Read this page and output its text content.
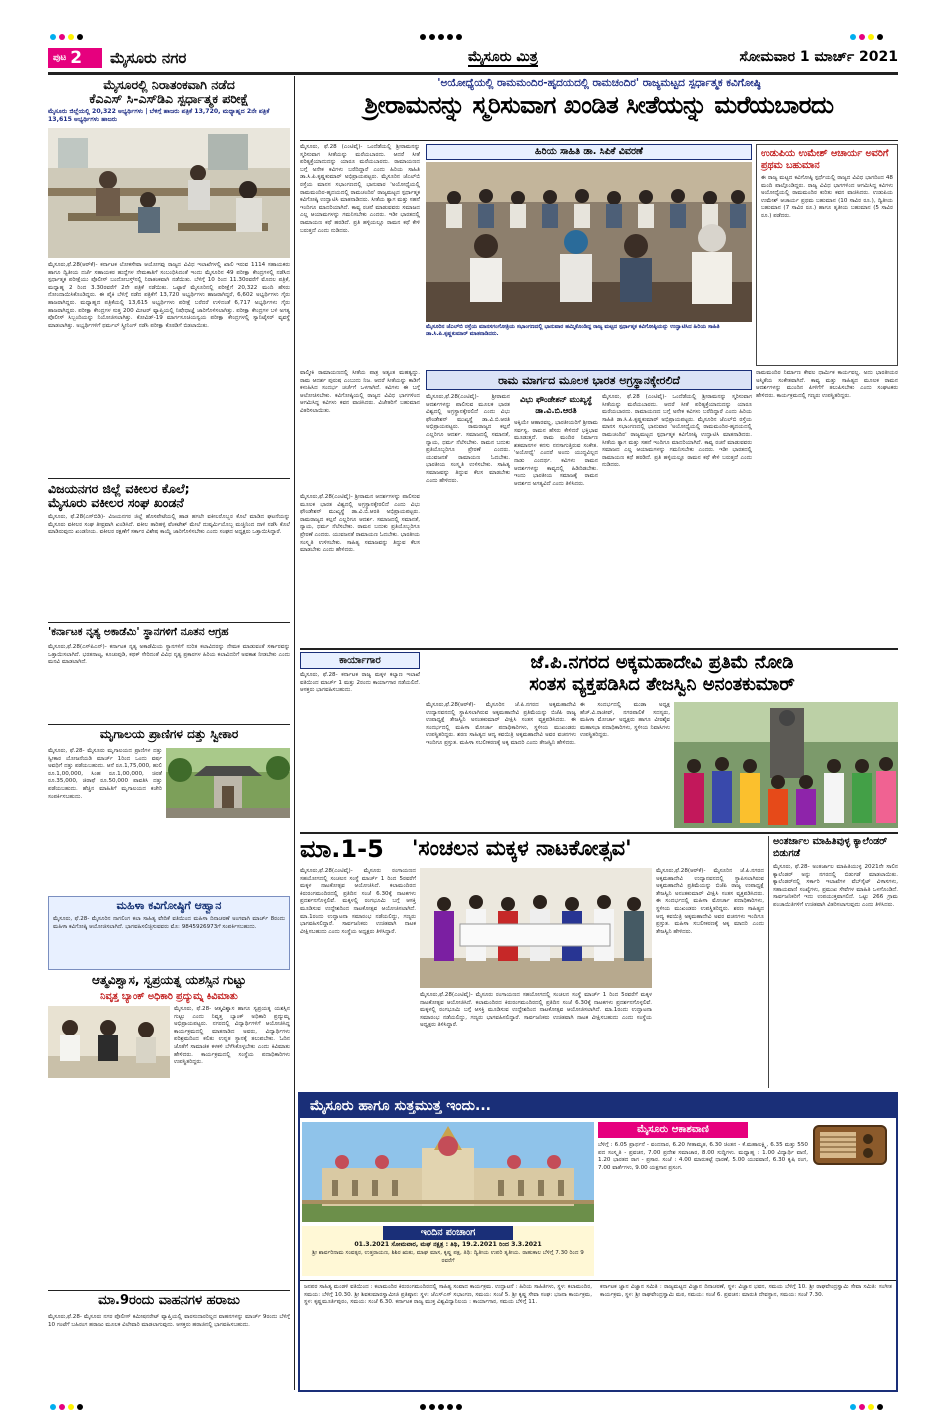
ಪುಟ 2 ಮೈಸೂರು ನಗರ	ಮೈಸೂರು ಮಿತ್ರ	ಸೋಮವಾರ 1 ಮಾರ್ಚ್ 2021
ಮೈಸೂರಲ್ಲಿ ನಿರಾತಂಕವಾಗಿ ನಡೆದ
ಕೆಎಎಸ್ ಸಿ-ಎಸ್‌ಡಿಎ ಸ್ಪರ್ಧಾತ್ಮಕ ಪರೀಕ್ಷೆ
ಮೈಸೂರು ಜಿಲ್ಲೆಯಲ್ಲಿ 20,322 ಅಭ್ಯರ್ಥಿಗಳು | ಬೆಳಿಗ್ಗೆ ಹಾಜರು ಪತ್ರಿಕೆ 13,720, ಮಧ್ಯಾಹ್ನದ 2ನೇ ಪತ್ರಿಕೆ 13,615 ಅಭ್ಯರ್ಥಿಗಳು ಹಾಜರು
ಮೈಸೂರು,ಫೆ.28(ಆರ್‌ಕೆ)- ಕರ್ನಾಟಕ ಲೋಕಸೇವಾ ಆಯೋಗವು ರಾಜ್ಯದ ವಿವಿಧ ಇಲಾಖೆಗಳಲ್ಲಿ ಖಾಲಿ ಇರುವ 1114 ಸಹಾಯಕರು ಹಾಗೂ ದ್ವಿತೀಯ ದರ್ಜೆ ಸಹಾಯಕರ ಹುದ್ದೆಗಳ ನೇಮಕಾತಿಗೆ ಸಂಬಂಧಿಸಿದಂತೆ ಇಂದು ಮೈಸೂರಿನ 49 ಪರೀಕ್ಷಾ ಕೇಂದ್ರಗಳಲ್ಲಿ ನಡೆಸಿದ ಸ್ಪರ್ಧಾತ್ಮಕ ಪರೀಕ್ಷೆಯು ಪೊಲೀಸ್ ಬಂದೋಬಸ್ತ್‌ನಲ್ಲಿ ನಿರಾತಂಕವಾಗಿ ನಡೆಯಿತು. ಬೆಳಿಗ್ಗೆ 10 ರಿಂದ 11.30ರವರೆಗೆ ಮೊದಲ ಪತ್ರಿಕೆ, ಮಧ್ಯಾಹ್ನ 2 ರಿಂದ 3.30ರವರೆಗೆ 2ನೇ ಪತ್ರಿಕೆ ನಡೆಯಿತು. ಒಟ್ಟಾರೆ ಮೈಸೂರಿನಲ್ಲಿ ಪರೀಕ್ಷೆಗೆ 20,322 ಮಂದಿ ಹೆಸರು ನೋಂದಾಯಿಸಿಕೊಂಡಿದ್ದರು. ಈ ಪೈಕಿ ಬೆಳಿಗ್ಗೆ ನಡೆದ ಪತ್ರಿಕೆಗೆ 13,720 ಅಭ್ಯರ್ಥಿಗಳು ಹಾಜರಾಗಿದ್ದರೆ, 6,602 ಅಭ್ಯರ್ಥಿಗಳು ಗೈರು ಹಾಜರಾಗಿದ್ದರು. ಮಧ್ಯಾಹ್ನದ ಪತ್ರಿಕೆಯಲ್ಲಿ 13,615 ಅಭ್ಯರ್ಥಿಗಳು ಪರೀಕ್ಷೆ ಬರೆದರೆ ಉಳಿದಂತೆ 6,717 ಅಭ್ಯರ್ಥಿಗಳು ಗೈರು ಹಾಜರಾಗಿದ್ದರು. ಪರೀಕ್ಷಾ ಕೇಂದ್ರಗಳ ಸುತ್ತ 200 ಮೀಟರ್ ವ್ಯಾಪ್ತಿಯಲ್ಲಿ ನಿಷೇಧಾಜ್ಞೆ ಜಾರಿಗೊಳಿಸಲಾಗಿತ್ತು. ಪರೀಕ್ಷಾ ಕೇಂದ್ರಗಳ ಬಳಿ ಅಗತ್ಯ ಪೊಲೀಸ್ ಸಿಬ್ಬಂದಿಯನ್ನು ನಿಯೋಜಿಸಲಾಗಿತ್ತು. ಕೋವಿಡ್-19 ಮಾರ್ಗಸೂಚಿಯನ್ವಯ ಪರೀಕ್ಷಾ ಕೇಂದ್ರಗಳಲ್ಲಿ ಸ್ಯಾನಿಟೈಸರ್ ವ್ಯವಸ್ಥೆ ಮಾಡಲಾಗಿತ್ತು. ಅಭ್ಯರ್ಥಿಗಳಿಗೆ ಥರ್ಮಲ್ ಸ್ಕ್ರೀನಿಂಗ್ ನಡೆಸಿ ಪರೀಕ್ಷಾ ಕೊಠಡಿಗೆ ಬಿಡಲಾಯಿತು.
ವಿಜಯನಗರ ಜಿಲ್ಲೆ ವಕೀಲರ ಕೊಲೆ;
ಮೈಸೂರು ವಕೀಲರ ಸಂಘ ಖಂಡನೆ
ಮೈಸೂರು, ಫೆ.28(ಎಸ್‌ಬಿಡಿ)- ವಿಜಯನಗರ ಜಿಲ್ಲೆ ಹೊಸಪೇಟೆಯಲ್ಲಿ ಹಾಡ ಹಗಲೇ ವಕೀಲರೊಬ್ಬರ ಕೊಲೆ ಮಾಡಿದ ಘಟನೆಯನ್ನು ಮೈಸೂರು ವಕೀಲರ ಸಂಘ ತೀವ್ರವಾಗಿ ಖಂಡಿಸಿದೆ. ವಕೀಲ ತಾರಿಹಳ್ಳಿ ವೆಂಕಟೇಶ್ ಮೇಲೆ ದುಷ್ಕರ್ಮಿಯೊಬ್ಬ ಮಚ್ಚಿನಿಂದ ದಾಳಿ ನಡೆಸಿ ಕೊಲೆ ಮಾಡಿರುವುದು ಖಂಡನೀಯ. ವಕೀಲರ ರಕ್ಷಣೆಗೆ ಸರ್ಕಾರ ವಿಶೇಷ ಕಾಯ್ದೆ ಜಾರಿಗೊಳಿಸಬೇಕು ಎಂದು ಸಂಘದ ಅಧ್ಯಕ್ಷರು ಒತ್ತಾಯಿಸಿದ್ದಾರೆ.
'ಕರ್ನಾಟಕ ನೃತ್ಯ ಅಕಾಡೆಮಿ' ಸ್ಥಾನಗಳಿಗೆ ನೂತನ ಆಗ್ರಹ
ಮೈಸೂರು,ಫೆ.28(ಎಸ್‌ಪಿಎನ್)- ಕರ್ನಾಟಕ ನೃತ್ಯ ಅಕಾಡೆಮಿಯ ಸ್ಥಾನಗಳಿಗೆ ನುರಿತ ಕಲಾವಿದರನ್ನು ನೇಮಕ ಮಾಡುವಂತೆ ಸರ್ಕಾರವನ್ನು ಒತ್ತಾಯಿಸಲಾಗಿದೆ. ಭರತನಾಟ್ಯ, ಕೂಚುಪುಡಿ, ಕಥಕ್ ಸೇರಿದಂತೆ ವಿವಿಧ ನೃತ್ಯ ಪ್ರಕಾರಗಳ ಹಿರಿಯ ಕಲಾವಿದರಿಗೆ ಅವಕಾಶ ನೀಡಬೇಕು ಎಂದು ಮನವಿ ಮಾಡಲಾಗಿದೆ.
ಮೃಗಾಲಯ ಪ್ರಾಣಿಗಳ ದತ್ತು ಸ್ವೀಕಾರ
ಮೈಸೂರು, ಫೆ.28- ಮೈಸೂರು ಮೃಗಾಲಯದ ಪ್ರಾಣಿಗಳ ದತ್ತು ಸ್ವೀಕಾರ ಯೋಜನೆಯಡಿ ಮಾರ್ಚ್ 1ರಿಂದ ಒಂದು ವರ್ಷ ಅವಧಿಗೆ ದತ್ತು ಪಡೆಯಬಹುದು. ಆನೆ ರೂ.1,75,000, ಹುಲಿ ರೂ.1,00,000, ಸಿಂಹ ರೂ.1,00,000, ಚಿರತೆ ರೂ.35,000, ಜಿರಾಫೆ ರೂ.50,000 ಪಾವತಿಸಿ ದತ್ತು ಪಡೆಯಬಹುದು. ಹೆಚ್ಚಿನ ಮಾಹಿತಿಗೆ ಮೃಗಾಲಯದ ಕಚೇರಿ ಸಂಪರ್ಕಿಸಬಹುದು.
ಮಹಿಳಾ ಕವಿಗೋಷ್ಠಿಗೆ ಆಹ್ವಾನ
ಮೈಸೂರು, ಫೆ.28- ಮೈಸೂರಿನ ನಾಗಲಿಂಗ ಕಲಾ ಸಾಹಿತ್ಯ ವೇದಿಕೆ ವತಿಯಿಂದ ಮಹಿಳಾ ದಿನಾಚರಣೆ ಅಂಗವಾಗಿ ಮಾರ್ಚ್ 8ರಂದು ಮಹಿಳಾ ಕವಿಗೋಷ್ಠಿ ಆಯೋಜಿಸಲಾಗಿದೆ. ಭಾಗವಹಿಸಲಿಚ್ಛಿಸುವವರು ಮೊ: 9845926973ಗೆ ಸಂಪರ್ಕಿಸಬಹುದು.
ಆತ್ಮವಿಶ್ವಾಸ, ಸ್ವಪ್ರಯತ್ನ ಯಶಸ್ಸಿನ ಗುಟ್ಟು
ನಿವೃತ್ತ ಬ್ಯಾಂಕ್ ಅಧಿಕಾರಿ ಪ್ರದ್ಯುಮ್ನ ಕಿವಿಮಾತು
ಮೈಸೂರು, ಫೆ.28- ಆತ್ಮವಿಶ್ವಾಸ ಹಾಗೂ ಸ್ವಪ್ರಯತ್ನ ಯಶಸ್ಸಿನ ಗುಟ್ಟು ಎಂದು ನಿವೃತ್ತ ಬ್ಯಾಂಕ್ ಅಧಿಕಾರಿ ಪ್ರದ್ಯುಮ್ನ ಅಭಿಪ್ರಾಯಪಟ್ಟರು. ನಗರದಲ್ಲಿ ವಿದ್ಯಾರ್ಥಿಗಳಿಗೆ ಆಯೋಜಿಸಿದ್ದ ಕಾರ್ಯಕ್ರಮದಲ್ಲಿ ಮಾತನಾಡಿದ ಅವರು, ವಿದ್ಯಾರ್ಥಿಗಳು ಪರಿಶ್ರಮದಿಂದ ಕಲಿತು ಉನ್ನತ ಸ್ಥಾನಕ್ಕೆ ತಲುಪಬೇಕು. ಓದಿನ ಜೊತೆಗೆ ಸಾಮಾಜಿಕ ಕಳಕಳಿ ಬೆಳೆಸಿಕೊಳ್ಳಬೇಕು ಎಂದು ಕಿವಿಮಾತು ಹೇಳಿದರು. ಕಾರ್ಯಕ್ರಮದಲ್ಲಿ ಸಂಸ್ಥೆಯ ಪದಾಧಿಕಾರಿಗಳು ಉಪಸ್ಥಿತರಿದ್ದರು.
ಮಾ.9ರಂದು ವಾಹನಗಳ ಹರಾಜು
ಮೈಸೂರು,ಫೆ.28- ಮೈಸೂರು ನಗರ ಪೊಲೀಸ್ ಕಮೀಷನರೇಟ್ ವ್ಯಾಪ್ತಿಯಲ್ಲಿ ವಾರಸುದಾರರಿಲ್ಲದ ವಾಹನಗಳನ್ನು ಮಾರ್ಚ್ 9ರಂದು ಬೆಳಿಗ್ಗೆ 10 ಗಂಟೆಗೆ ಬಹಿರಂಗ ಹರಾಜು ಮೂಲಕ ವಿಲೇವಾರಿ ಮಾಡಲಾಗುವುದು. ಆಸಕ್ತರು ಹರಾಜಿನಲ್ಲಿ ಭಾಗವಹಿಸಬಹುದು.
'ಅಯೋಧ್ಯೆಯಲ್ಲಿ ರಾಮಮಂದಿರ-ಹೃದಯದಲ್ಲಿ ರಾಮಚಂದಿರ' ರಾಜ್ಯಮಟ್ಟದ ಸ್ಪರ್ಧಾತ್ಮಕ ಕವಿಗೋಷ್ಠಿ
ಶ್ರೀರಾಮನನ್ನು ಸ್ಮರಿಸುವಾಗ ಖಂಡಿತ ಸೀತೆಯನ್ನು ಮರೆಯಬಾರದು
ಮೈಸೂರು, ಫೆ.28 (ಎಂಟಿವೈ)- ಒಂದೆಡೆಯಲ್ಲಿ ಶ್ರೀರಾಮನನ್ನು ಸ್ಮರಿಸುವಾಗ ಸೀತೆಯನ್ನು ಮರೆಯಬಾರದು. ಆದರೆ ಸೀತೆ ಪರಿತ್ಯಕ್ತೆಯಾದುದನ್ನು ಯಾರೂ ಮರೆಯಬಾರದು. ರಾಮಾಯಣದ ಬಗ್ಗೆ ಅನೇಕ ಕವಿಗಳು ಬರೆದಿದ್ದಾರೆ ಎಂದು ಹಿರಿಯ ಸಾಹಿತಿ ಡಾ.ಸಿ.ಪಿ.ಕೃಷ್ಣಕುಮಾರ್ ಅಭಿಪ್ರಾಯಪಟ್ಟರು. ಮೈಸೂರಿನ ಜೆಎಲ್‌ಬಿ ರಸ್ತೆಯ ಮಾನಸ ಸಭಾಂಗಣದಲ್ಲಿ ಭಾನುವಾರ 'ಅಯೋಧ್ಯೆಯಲ್ಲಿ ರಾಮಮಂದಿರ-ಹೃದಯದಲ್ಲಿ ರಾಮಚಂದಿರ' ರಾಜ್ಯಮಟ್ಟದ ಸ್ಪರ್ಧಾತ್ಮಕ ಕವಿಗೋಷ್ಠಿ ಉದ್ಘಾಟಿಸಿ ಮಾತನಾಡಿದರು. ಸೀತೆಯ ತ್ಯಾಗ ಮತ್ತು ಸಹನೆ ಇಂದಿಗೂ ಮಾದರಿಯಾಗಿದೆ. ಕಾವ್ಯ ರಚನೆ ಮಾಡುವವರು ಸಮಾಜದ ಎಲ್ಲ ಆಯಾಮಗಳನ್ನು ಗಮನಿಸಬೇಕು ಎಂದರು. ಇಡೀ ಭಾರತದಲ್ಲಿ ರಾಮಾಯಣ ಕಥೆ ಹರಡಿದೆ. ಪ್ರತಿ ಹಳ್ಳಿಯಲ್ಲೂ ರಾಮನ ಕಥೆ ಕೇಳಿ ಬರುತ್ತದೆ ಎಂದು ನುಡಿದರು.
ಹಿರಿಯ ಸಾಹಿತಿ ಡಾ. ಸಿಪಿಕೆ ವಿವರಣೆ
ಮೈಸೂರಿನ ಜೆಎಲ್‌ಬಿ ರಸ್ತೆಯ ಮಾನಸಗಂಗೋತ್ರಿಯ ಸಭಾಂಗಣದಲ್ಲಿ ಭಾನುವಾರ ಹಮ್ಮಿಕೊಂಡಿದ್ದ ರಾಜ್ಯ ಮಟ್ಟದ ಸ್ಪರ್ಧಾತ್ಮಕ ಕವಿಗೋಷ್ಠಿಯನ್ನು ಉದ್ಘಾಟಿಸಿದ ಹಿರಿಯ ಸಾಹಿತಿ ಡಾ.ಸಿ.ಪಿ.ಕೃಷ್ಣಕುಮಾರ್ ಮಾತನಾಡಿದರು.
ಉಡುಪಿಯ ಉಮೇಶ್ ಆಚಾರ್ಯ ಅವರಿಗೆ ಪ್ರಥಮ ಬಹುಮಾನ
ಈ ರಾಜ್ಯ ಮಟ್ಟದ ಕವಿಗೋಷ್ಠಿ ಸ್ಪರ್ಧೆಯಲ್ಲಿ ರಾಜ್ಯದ ವಿವಿಧ ಭಾಗದಿಂದ 48 ಮಂದಿ ಪಾಲ್ಗೊಂಡಿದ್ದರು. ರಾಜ್ಯ ವಿವಿಧ ಭಾಗಗಳಿಂದ ಆಗಮಿಸಿದ್ದ ಕವಿಗಳು ಅಯೋಧ್ಯೆಯಲ್ಲಿ ರಾಮಮಂದಿರ ಕುರಿತು ಕವನ ವಾಚಿಸಿದರು. ಉಡುಪಿಯ ಉಮೇಶ್ ಆಚಾರ್ಯ ಪ್ರಥಮ ಬಹುಮಾನ (10 ಸಾವಿರ ರೂ.), ದ್ವಿತೀಯ ಬಹುಮಾನ (7 ಸಾವಿರ ರೂ.) ಹಾಗೂ ತೃತೀಯ ಬಹುಮಾನ (5 ಸಾವಿರ ರೂ.) ಪಡೆದರು.
ವಾಲ್ಮೀಕಿ ರಾಮಾಯಣದಲ್ಲಿ ಸೀತೆಯ ಪಾತ್ರ ಅತ್ಯಂತ ಮಹತ್ವದ್ದು. ರಾಮ ಆದರ್ಶ ಪುರುಷ ಎಂಬುದು ನಿಜ. ಆದರೆ ಸೀತೆಯನ್ನು ಕಾಡಿಗೆ ಕಳುಹಿಸಿದ ಸಂದರ್ಭ ಚರ್ಚೆಗೆ ಒಳಗಾಗಿದೆ. ಕವಿಗಳು ಈ ಬಗ್ಗೆ ಆಲೋಚಿಸಬೇಕು. ಕವಿಗೋಷ್ಠಿಯಲ್ಲಿ ರಾಜ್ಯದ ವಿವಿಧ ಭಾಗಗಳಿಂದ ಆಗಮಿಸಿದ್ದ ಕವಿಗಳು ಕವನ ವಾಚಿಸಿದರು. ವಿಜೇತರಿಗೆ ಬಹುಮಾನ ವಿತರಿಸಲಾಯಿತು.
ರಾಮ ಮಾರ್ಗದ ಮೂಲಕ ಭಾರತ ಅಗ್ರಸ್ಥಾನಕ್ಕೇರಲಿದೆ
ಮೈಸೂರು,ಫೆ.28(ಎಂಟಿವೈ)- ಶ್ರೀರಾಮನ ಆದರ್ಶಗಳನ್ನು ಪಾಲಿಸುವ ಮೂಲಕ ಭಾರತ ವಿಶ್ವದಲ್ಲಿ ಅಗ್ರಸ್ಥಾನಕ್ಕೇರಲಿದೆ ಎಂದು ವಿಭು ಫೌಂಡೇಶನ್ ಮುಖ್ಯಸ್ಥೆ ಡಾ.ವಿ.ಬಿ.ಆರತಿ ಅಭಿಪ್ರಾಯಪಟ್ಟರು. ರಾಮರಾಜ್ಯದ ಕಲ್ಪನೆ ಎಲ್ಲರಿಗೂ ಆದರ್ಶ. ಸಮಾಜದಲ್ಲಿ ಸಮಾನತೆ, ನ್ಯಾಯ, ಧರ್ಮ ನೆಲೆಸಬೇಕು. ರಾಮನ ಬದುಕು ಪ್ರತಿಯೊಬ್ಬರಿಗೂ ಪ್ರೇರಣೆ ಎಂದರು. ಯುವಜನತೆ ರಾಮಾಯಣ ಓದಬೇಕು. ಭಾರತೀಯ ಸಂಸ್ಕೃತಿ ಉಳಿಸಬೇಕು. ಸಾಹಿತ್ಯ ಸಮಾಜವನ್ನು ತಿದ್ದುವ ಕೆಲಸ ಮಾಡಬೇಕು ಎಂದು ಹೇಳಿದರು.
ವಿಭು ಫೌಂಡೇಶನ್ ಮುಖ್ಯಸ್ಥೆ ಡಾ.ವಿ.ಬಿ.ಆರತಿ
ಅಕ್ಕಿಯೇ ಆಹಾರವಲ್ಲ, ಭಾರತೀಯರಿಗೆ ಶ್ರೀರಾಮ ಸರ್ವಸ್ವ. ರಾಮನ ಹೆಸರು ಕೇಳಿದರೆ ಭಕ್ತಿಭಾವ ಮೂಡುತ್ತದೆ. ರಾಮ ಮಂದಿರ ನಿರ್ಮಾಣ ಶತಮಾನಗಳ ಕನಸು ನನಸಾಗುತ್ತಿರುವ ಸಂಕೇತ. 'ಅಯೋಧ್ಯೆ' ಎಂದರೆ ಅಂದು ಯುದ್ಧವಿಲ್ಲದ ನಾಡು ಎಂದರ್ಥ. ಕವಿಗಳು ರಾಮನ ಆದರ್ಶಗಳನ್ನು ಕಾವ್ಯದಲ್ಲಿ ಹಿಡಿದಿಡಬೇಕು. ಇಂದು ಭಾರತೀಯ ಸಮಾಜಕ್ಕೆ ರಾಮನ ಆದರ್ಶದ ಅಗತ್ಯವಿದೆ ಎಂದು ತಿಳಿಸಿದರು.
ಮೈಸೂರು, ಫೆ.28 (ಎಂಟಿವೈ)- ಒಂದೆಡೆಯಲ್ಲಿ ಶ್ರೀರಾಮನನ್ನು ಸ್ಮರಿಸುವಾಗ ಸೀತೆಯನ್ನು ಮರೆಯಬಾರದು. ಆದರೆ ಸೀತೆ ಪರಿತ್ಯಕ್ತೆಯಾದುದನ್ನು ಯಾರೂ ಮರೆಯಬಾರದು. ರಾಮಾಯಣದ ಬಗ್ಗೆ ಅನೇಕ ಕವಿಗಳು ಬರೆದಿದ್ದಾರೆ ಎಂದು ಹಿರಿಯ ಸಾಹಿತಿ ಡಾ.ಸಿ.ಪಿ.ಕೃಷ್ಣಕುಮಾರ್ ಅಭಿಪ್ರಾಯಪಟ್ಟರು. ಮೈಸೂರಿನ ಜೆಎಲ್‌ಬಿ ರಸ್ತೆಯ ಮಾನಸ ಸಭಾಂಗಣದಲ್ಲಿ ಭಾನುವಾರ 'ಅಯೋಧ್ಯೆಯಲ್ಲಿ ರಾಮಮಂದಿರ-ಹೃದಯದಲ್ಲಿ ರಾಮಚಂದಿರ' ರಾಜ್ಯಮಟ್ಟದ ಸ್ಪರ್ಧಾತ್ಮಕ ಕವಿಗೋಷ್ಠಿ ಉದ್ಘಾಟಿಸಿ ಮಾತನಾಡಿದರು. ಸೀತೆಯ ತ್ಯಾಗ ಮತ್ತು ಸಹನೆ ಇಂದಿಗೂ ಮಾದರಿಯಾಗಿದೆ. ಕಾವ್ಯ ರಚನೆ ಮಾಡುವವರು ಸಮಾಜದ ಎಲ್ಲ ಆಯಾಮಗಳನ್ನು ಗಮನಿಸಬೇಕು ಎಂದರು. ಇಡೀ ಭಾರತದಲ್ಲಿ ರಾಮಾಯಣ ಕಥೆ ಹರಡಿದೆ. ಪ್ರತಿ ಹಳ್ಳಿಯಲ್ಲೂ ರಾಮನ ಕಥೆ ಕೇಳಿ ಬರುತ್ತದೆ ಎಂದು ನುಡಿದರು.
ರಾಮಮಂದಿರ ನಿರ್ಮಾಣ ಕೇವಲ ಧಾರ್ಮಿಕ ಕಾರ್ಯವಲ್ಲ. ಅದು ಭಾರತೀಯರ ಅಸ್ಮಿತೆಯ ಸಂಕೇತವಾಗಿದೆ. ಕಾವ್ಯ ಮತ್ತು ಸಾಹಿತ್ಯದ ಮೂಲಕ ರಾಮನ ಆದರ್ಶಗಳನ್ನು ಮುಂದಿನ ಪೀಳಿಗೆಗೆ ತಲುಪಿಸಬೇಕು ಎಂದು ಸಂಘಟಕರು ಹೇಳಿದರು. ಕಾರ್ಯಕ್ರಮದಲ್ಲಿ ಗಣ್ಯರು ಉಪಸ್ಥಿತರಿದ್ದರು.
ಮೈಸೂರು,ಫೆ.28(ಎಂಟಿವೈ)- ಶ್ರೀರಾಮನ ಆದರ್ಶಗಳನ್ನು ಪಾಲಿಸುವ ಮೂಲಕ ಭಾರತ ವಿಶ್ವದಲ್ಲಿ ಅಗ್ರಸ್ಥಾನಕ್ಕೇರಲಿದೆ ಎಂದು ವಿಭು ಫೌಂಡೇಶನ್ ಮುಖ್ಯಸ್ಥೆ ಡಾ.ವಿ.ಬಿ.ಆರತಿ ಅಭಿಪ್ರಾಯಪಟ್ಟರು. ರಾಮರಾಜ್ಯದ ಕಲ್ಪನೆ ಎಲ್ಲರಿಗೂ ಆದರ್ಶ. ಸಮಾಜದಲ್ಲಿ ಸಮಾನತೆ, ನ್ಯಾಯ, ಧರ್ಮ ನೆಲೆಸಬೇಕು. ರಾಮನ ಬದುಕು ಪ್ರತಿಯೊಬ್ಬರಿಗೂ ಪ್ರೇರಣೆ ಎಂದರು. ಯುವಜನತೆ ರಾಮಾಯಣ ಓದಬೇಕು. ಭಾರತೀಯ ಸಂಸ್ಕೃತಿ ಉಳಿಸಬೇಕು. ಸಾಹಿತ್ಯ ಸಮಾಜವನ್ನು ತಿದ್ದುವ ಕೆಲಸ ಮಾಡಬೇಕು ಎಂದು ಹೇಳಿದರು.
ಕಾರ್ಯಾಗಾರ
ಮೈಸೂರು, ಫೆ.28- ಕರ್ನಾಟಕ ರಾಜ್ಯ ಮಕ್ಕಳ ಕಲ್ಯಾಣ ಇಲಾಖೆ ವತಿಯಿಂದ ಮಾರ್ಚ್ 1 ಮತ್ತು 2ರಂದು ಕಾರ್ಯಾಗಾರ ನಡೆಯಲಿದೆ. ಆಸಕ್ತರು ಭಾಗವಹಿಸಬಹುದು.
ಜೆ.ಪಿ.ನಗರದ ಅಕ್ಕಮಹಾದೇವಿ ಪ್ರತಿಮೆ ನೋಡಿ
ಸಂತಸ ವ್ಯಕ್ತಪಡಿಸಿದ ತೇಜಸ್ವಿನಿ ಅನಂತಕುಮಾರ್
ಮೈಸೂರು,ಫೆ.28(ಆರ್‌ಕೆ)- ಮೈಸೂರಿನ ಜೆ.ಪಿ.ನಗರದ ಅಕ್ಕಮಹಾದೇವಿ ಉದ್ಯಾನವನದಲ್ಲಿ ಸ್ಥಾಪಿಸಲಾಗಿರುವ ಅಕ್ಕಮಹಾದೇವಿ ಪ್ರತಿಮೆಯನ್ನು ಬಿಜೆಪಿ ರಾಜ್ಯ ಉಪಾಧ್ಯಕ್ಷೆ ತೇಜಸ್ವಿನಿ ಅನಂತಕುಮಾರ್ ವೀಕ್ಷಿಸಿ ಸಂತಸ ವ್ಯಕ್ತಪಡಿಸಿದರು. ಈ ಸಂದರ್ಭದಲ್ಲಿ ಮಹಿಳಾ ಮೋರ್ಚಾ ಪದಾಧಿಕಾರಿಗಳು, ಸ್ಥಳೀಯ ಮುಖಂಡರು ಉಪಸ್ಥಿತರಿದ್ದರು. ಶರಣ ಸಾಹಿತ್ಯದ ಆದ್ಯ ಕವಯಿತ್ರಿ ಅಕ್ಕಮಹಾದೇವಿ ಅವರ ವಚನಗಳು ಇಂದಿಗೂ ಪ್ರಸ್ತುತ. ಮಹಿಳಾ ಸಬಲೀಕರಣಕ್ಕೆ ಅಕ್ಕ ಮಾದರಿ ಎಂದು ತೇಜಸ್ವಿನಿ ಹೇಳಿದರು.
ಈ ಸಂದರ್ಭದಲ್ಲಿ ಮುಡಾ ಅಧ್ಯಕ್ಷ ಹೆಚ್.ವಿ.ರಾಜೀವ್, ನಗರಪಾಲಿಕೆ ಸದಸ್ಯರು, ಮಹಿಳಾ ಮೋರ್ಚಾ ಅಧ್ಯಕ್ಷರು ಹಾಗೂ ವೀರಶೈವ ಮಹಾಸಭಾ ಪದಾಧಿಕಾರಿಗಳು, ಸ್ಥಳೀಯ ನಿವಾಸಿಗಳು ಉಪಸ್ಥಿತರಿದ್ದರು.
ಮಾ.1-5	'ಸಂಚಲನ ಮಕ್ಕಳ ನಾಟಕೋತ್ಸವ'
ಮೈಸೂರು,ಫೆ.28(ಎಂಟಿವೈ)- ಮೈಸೂರು ರಂಗಾಯಣದ ಸಹಯೋಗದಲ್ಲಿ ಸಂಚಲನ ಸಂಸ್ಥೆ ಮಾರ್ಚ್ 1 ರಿಂದ 5ರವರೆಗೆ ಮಕ್ಕಳ ನಾಟಕೋತ್ಸವ ಆಯೋಜಿಸಿದೆ. ಕಲಾಮಂದಿರದ ಕಿರುರಂಗಮಂದಿರದಲ್ಲಿ ಪ್ರತಿದಿನ ಸಂಜೆ 6.30ಕ್ಕೆ ನಾಟಕಗಳು ಪ್ರದರ್ಶನಗೊಳ್ಳಲಿವೆ. ಮಕ್ಕಳಲ್ಲಿ ರಂಗಭೂಮಿ ಬಗ್ಗೆ ಆಸಕ್ತಿ ಮೂಡಿಸುವ ಉದ್ದೇಶದಿಂದ ನಾಟಕೋತ್ಸವ ಆಯೋಜಿಸಲಾಗಿದೆ. ಮಾ.1ರಂದು ಉದ್ಘಾಟನಾ ಸಮಾರಂಭ ನಡೆಯಲಿದ್ದು, ಗಣ್ಯರು ಭಾಗವಹಿಸಲಿದ್ದಾರೆ. ಸಾರ್ವಜನಿಕರು ಉಚಿತವಾಗಿ ನಾಟಕ ವೀಕ್ಷಿಸಬಹುದು ಎಂದು ಸಂಸ್ಥೆಯ ಅಧ್ಯಕ್ಷರು ತಿಳಿಸಿದ್ದಾರೆ.
ಮೈಸೂರು,ಫೆ.28(ಎಂಟಿವೈ)- ಮೈಸೂರು ರಂಗಾಯಣದ ಸಹಯೋಗದಲ್ಲಿ ಸಂಚಲನ ಸಂಸ್ಥೆ ಮಾರ್ಚ್ 1 ರಿಂದ 5ರವರೆಗೆ ಮಕ್ಕಳ ನಾಟಕೋತ್ಸವ ಆಯೋಜಿಸಿದೆ. ಕಲಾಮಂದಿರದ ಕಿರುರಂಗಮಂದಿರದಲ್ಲಿ ಪ್ರತಿದಿನ ಸಂಜೆ 6.30ಕ್ಕೆ ನಾಟಕಗಳು ಪ್ರದರ್ಶನಗೊಳ್ಳಲಿವೆ. ಮಕ್ಕಳಲ್ಲಿ ರಂಗಭೂಮಿ ಬಗ್ಗೆ ಆಸಕ್ತಿ ಮೂಡಿಸುವ ಉದ್ದೇಶದಿಂದ ನಾಟಕೋತ್ಸವ ಆಯೋಜಿಸಲಾಗಿದೆ. ಮಾ.1ರಂದು ಉದ್ಘಾಟನಾ ಸಮಾರಂಭ ನಡೆಯಲಿದ್ದು, ಗಣ್ಯರು ಭಾಗವಹಿಸಲಿದ್ದಾರೆ. ಸಾರ್ವಜನಿಕರು ಉಚಿತವಾಗಿ ನಾಟಕ ವೀಕ್ಷಿಸಬಹುದು ಎಂದು ಸಂಸ್ಥೆಯ ಅಧ್ಯಕ್ಷರು ತಿಳಿಸಿದ್ದಾರೆ.
ಮೈಸೂರು,ಫೆ.28(ಆರ್‌ಕೆ)- ಮೈಸೂರಿನ ಜೆ.ಪಿ.ನಗರದ ಅಕ್ಕಮಹಾದೇವಿ ಉದ್ಯಾನವನದಲ್ಲಿ ಸ್ಥಾಪಿಸಲಾಗಿರುವ ಅಕ್ಕಮಹಾದೇವಿ ಪ್ರತಿಮೆಯನ್ನು ಬಿಜೆಪಿ ರಾಜ್ಯ ಉಪಾಧ್ಯಕ್ಷೆ ತೇಜಸ್ವಿನಿ ಅನಂತಕುಮಾರ್ ವೀಕ್ಷಿಸಿ ಸಂತಸ ವ್ಯಕ್ತಪಡಿಸಿದರು. ಈ ಸಂದರ್ಭದಲ್ಲಿ ಮಹಿಳಾ ಮೋರ್ಚಾ ಪದಾಧಿಕಾರಿಗಳು, ಸ್ಥಳೀಯ ಮುಖಂಡರು ಉಪಸ್ಥಿತರಿದ್ದರು. ಶರಣ ಸಾಹಿತ್ಯದ ಆದ್ಯ ಕವಯಿತ್ರಿ ಅಕ್ಕಮಹಾದೇವಿ ಅವರ ವಚನಗಳು ಇಂದಿಗೂ ಪ್ರಸ್ತುತ. ಮಹಿಳಾ ಸಬಲೀಕರಣಕ್ಕೆ ಅಕ್ಕ ಮಾದರಿ ಎಂದು ತೇಜಸ್ವಿನಿ ಹೇಳಿದರು.
ಅಂತರ್ಜಾಲ ಮಾಹಿತಿವುಳ್ಳ ಕ್ಯಾಲೆಂಡರ್ ಬಿಡುಗಡೆ
ಮೈಸೂರು, ಫೆ.28- ಅಂತರ್ಜಾಲ ಮಾಹಿತಿಯುಳ್ಳ 2021ನೇ ಸಾಲಿನ ಕ್ಯಾಲೆಂಡರ್ ಅನ್ನು ನಗರದಲ್ಲಿ ಬಿಡುಗಡೆ ಮಾಡಲಾಯಿತು. ಕ್ಯಾಲೆಂಡರ್‌ನಲ್ಲಿ ಸರ್ಕಾರಿ ಇಲಾಖೆಗಳ ವೆಬ್‌ಸೈಟ್ ವಿಳಾಸಗಳು, ಸಹಾಯವಾಣಿ ಸಂಖ್ಯೆಗಳು, ಪ್ರಮುಖ ಸೇವೆಗಳ ಮಾಹಿತಿ ಒಳಗೊಂಡಿದೆ. ಸಾರ್ವಜನಿಕರಿಗೆ ಇದು ಉಪಯುಕ್ತವಾಗಲಿದೆ. ಒಟ್ಟು 266 ಗ್ರಾಮ ಪಂಚಾಯಿತಿಗಳಿಗೆ ಉಚಿತವಾಗಿ ವಿತರಿಸಲಾಗುವುದು ಎಂದು ತಿಳಿಸಿದರು.
ಮೈಸೂರು ಹಾಗೂ ಸುತ್ತಮುತ್ತ ಇಂದು...
ಮೈಸೂರು ಆಕಾಶವಾಣಿ
ಬೆಳಿಗ್ಗೆ : 6.05 ಪ್ರಾರ್ಥನೆ - ವಂದನಾರ, 6.20 ಗೀತಾಮೃತ, 6.30 ಚಿಂತನ - ಕೆ.ಮಹಾಲಕ್ಷ್ಮಿ, 6.35 ಮತ್ತು 550 ಪದ ಸಂಸ್ಕೃತಿ - ಪ್ರವಚನ, 7.00 ಪ್ರದೇಶ ಸಮಾಚಾರ, 8.00 ಸುದ್ದಿಗಳು. ಮಧ್ಯಾಹ್ನ : 1.00 ವಿದ್ಯಾರ್ಥಿ ವಾಣಿ, 1.20 ಭಾರತದ ರಾಗ - ಪ್ರಸಾರ. ಸಂಜೆ : 4.00 ಮಾರುಕಟ್ಟೆ ಧಾರಣೆ, 5.00 ಯುವವಾಣಿ, 6.30 ಕೃಷಿ ರಂಗ, 7.00 ವಾರ್ತೆಗಳು, 9.00 ಯಕ್ಷಗಾನ ಪ್ರಸಂಗ.
ಇಂದಿನ ಪಂಚಾಂಗ
01.3.2021 ಸೋಮವಾರ, ಮಘ ನಕ್ಷತ್ರ : ತಿಥಿ, 19.2.2021 ರಿಂದ 3.3.2021
ಶ್ರೀ ಶಾರ್ವರಿನಾಮ ಸಂವತ್ಸರ, ಉತ್ತರಾಯಣ, ಶಿಶಿರ ಋತು, ಮಾಘ ಮಾಸ, ಕೃಷ್ಣ ಪಕ್ಷ, ತಿಥಿ: ದ್ವಿತೀಯ ಉಪರಿ ತೃತೀಯ. ರಾಹುಕಾಲ ಬೆಳಿಗ್ಗೆ 7.30 ರಿಂದ 9 ರವರೆಗೆ
ಜನಪರ ಸಾಹಿತ್ಯ ಮಂಡಳಿ ವತಿಯಿಂದ : ಕಲಾಮಂದಿರ ಕಿರುರಂಗಮಂದಿರದಲ್ಲಿ ಸಾಹಿತ್ಯ ಸಂವಾದ ಕಾರ್ಯಕ್ರಮ. ಉದ್ಘಾಟನೆ : ಹಿರಿಯ ಸಾಹಿತಿಗಳು, ಸ್ಥಳ: ಕಲಾಮಂದಿರ, ಸಮಯ: ಬೆಳಿಗ್ಗೆ 10.30. ಶ್ರೀ ಶಿವಕುಮಾರಸ್ವಾಮೀಜಿ ಪ್ರತಿಷ್ಠಾನ: ಸ್ಥಳ: ಜೆಎಸ್‌ಎಸ್ ಸಭಾಂಗಣ, ಸಮಯ: ಸಂಜೆ 5. ಶ್ರೀ ಕೃಷ್ಣ ಸೇವಾ ಸಂಘ: ಭಜನಾ ಕಾರ್ಯಕ್ರಮ, ಸ್ಥಳ: ಕೃಷ್ಣಮೂರ್ತಿಪುರಂ, ಸಮಯ: ಸಂಜೆ 6.30. ಕರ್ನಾಟಕ ರಾಜ್ಯ ಮುಕ್ತ ವಿಶ್ವವಿದ್ಯಾನಿಲಯ : ಕಾರ್ಯಾಗಾರ, ಸಮಯ ಬೆಳಿಗ್ಗೆ 11.
ಕರ್ನಾಟಕ ಜ್ಞಾನ ವಿಜ್ಞಾನ ಸಮಿತಿ : ರಾಜ್ಯಮಟ್ಟದ ವಿಜ್ಞಾನ ದಿನಾಚರಣೆ, ಸ್ಥಳ: ವಿಜ್ಞಾನ ಭವನ, ಸಮಯ ಬೆಳಿಗ್ಗೆ 10. ಶ್ರೀ ರಾಘವೇಂದ್ರಸ್ವಾಮಿ ಸೇವಾ ಸಮಿತಿ: ಸಂಗೀತ ಕಾರ್ಯಕ್ರಮ, ಸ್ಥಳ: ಶ್ರೀ ರಾಘವೇಂದ್ರಸ್ವಾಮಿ ಮಠ, ಸಮಯ: ಸಂಜೆ 6. ಪ್ರವಚನ: ಮಾರುತಿ ದೇವಸ್ಥಾನ, ಸಮಯ: ಸಂಜೆ 7.30.
